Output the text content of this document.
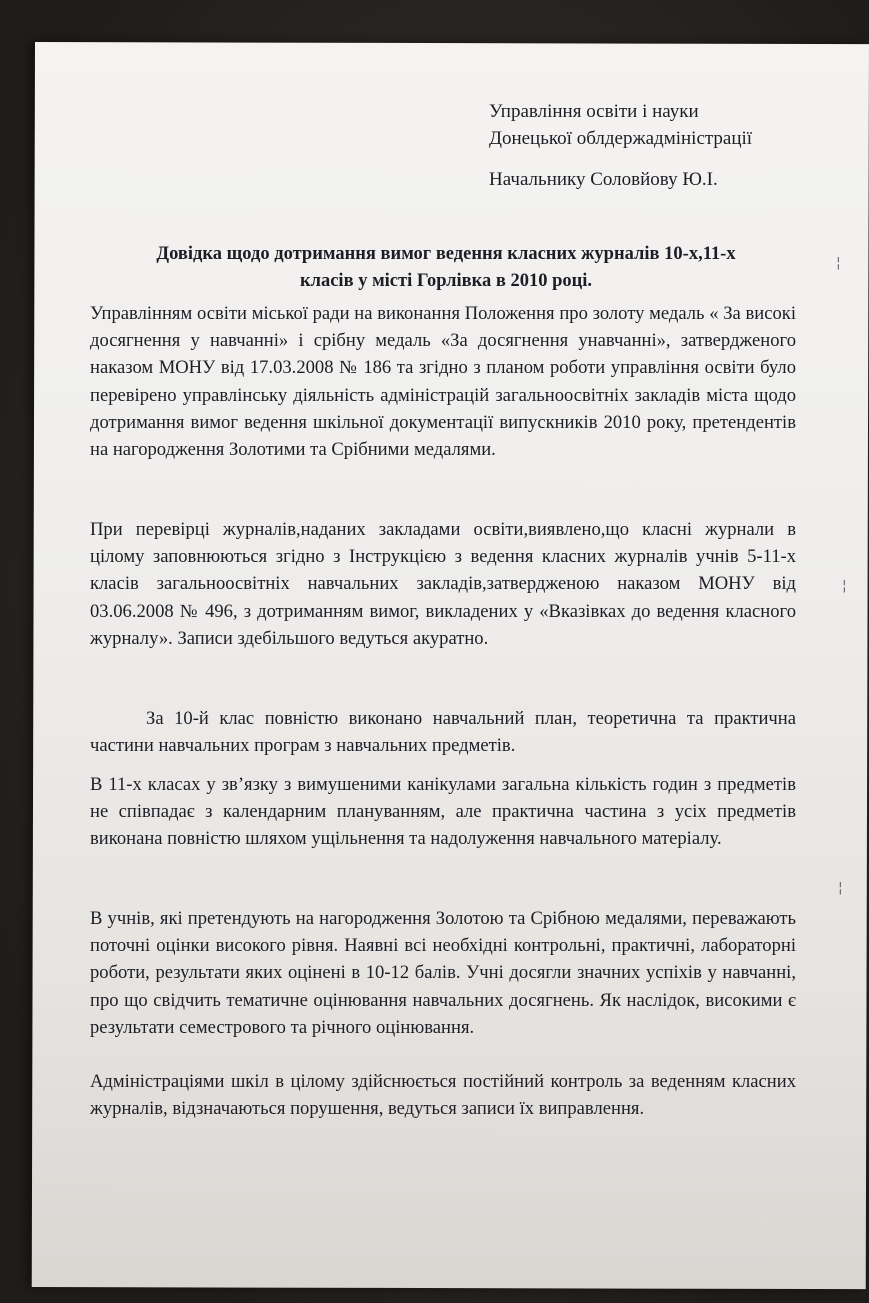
Управління освіти і науки
Донецької облдержадміністрації
Начальнику Соловйову Ю.І.
Довідка щодо дотримання вимог ведення класних журналів 10-х,11-х
класів у місті Горлівка в 2010 році.
Управлінням освіти міської ради на виконання Положення про золоту медаль « За високі досягнення у навчанні» і срібну медаль «За досягнення унавчанні», затвердженого наказом МОНУ від 17.03.2008 № 186 та згідно з планом роботи управління освіти було перевірено управлінську діяльність адміністрацій загальноосвітніх закладів міста щодо дотримання вимог ведення шкільної документації випускників 2010 року, претендентів на нагородження Золотими та Срібними медалями.
При перевірці журналів,наданих закладами освіти,виявлено,що класні журнали в цілому заповнюються згідно з Інструкцією з ведення класних журналів учнів 5-11-х класів загальноосвітніх навчальних закладів,затвердженою наказом МОНУ від 03.06.2008 № 496, з дотриманням вимог, викладених у «Вказівках до ведення класного журналу». Записи здебільшого ведуться акуратно.
За 10-й клас повністю виконано навчальний план, теоретична та практична частини навчальних програм з навчальних предметів.
В 11-х класах у зв’язку з вимушеними канікулами загальна кількість годин з предметів не співпадає з календарним плануванням, але практична частина з усіх предметів виконана повністю шляхом ущільнення та надолуження навчального матеріалу.
В учнів, які претендують на нагородження Золотою та Срібною медалями, переважають поточні оцінки високого рівня. Наявні всі необхідні контрольні, практичні, лабораторні роботи, результати яких оцінені в 10-12 балів. Учні досягли значних успіхів у навчанні, про що свідчить тематичне оцінювання навчальних досягнень. Як наслідок, високими є результати семестрового та річного оцінювання.
Адміністраціями шкіл в цілому здійснюється постійний контроль за веденням класних журналів, відзначаються порушення, ведуться записи їх виправлення.
¦
¦
¦
